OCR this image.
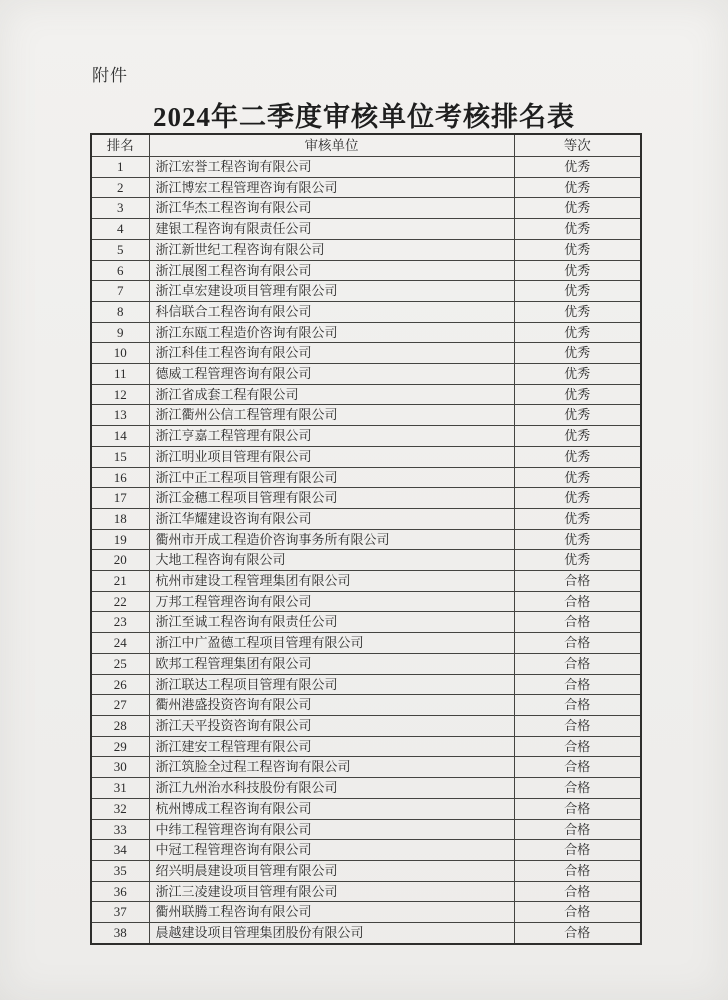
附件
2024年二季度审核单位考核排名表
排名	审核单位	等次
1	浙江宏誉工程咨询有限公司	优秀
2	浙江博宏工程管理咨询有限公司	优秀
3	浙江华杰工程咨询有限公司	优秀
4	建银工程咨询有限责任公司	优秀
5	浙江新世纪工程咨询有限公司	优秀
6	浙江展图工程咨询有限公司	优秀
7	浙江卓宏建设项目管理有限公司	优秀
8	科信联合工程咨询有限公司	优秀
9	浙江东瓯工程造价咨询有限公司	优秀
10	浙江科佳工程咨询有限公司	优秀
11	德威工程管理咨询有限公司	优秀
12	浙江省成套工程有限公司	优秀
13	浙江衢州公信工程管理有限公司	优秀
14	浙江亨嘉工程管理有限公司	优秀
15	浙江明业项目管理有限公司	优秀
16	浙江中正工程项目管理有限公司	优秀
17	浙江金穗工程项目管理有限公司	优秀
18	浙江华耀建设咨询有限公司	优秀
19	衢州市开成工程造价咨询事务所有限公司	优秀
20	大地工程咨询有限公司	优秀
21	杭州市建设工程管理集团有限公司	合格
22	万邦工程管理咨询有限公司	合格
23	浙江至诚工程咨询有限责任公司	合格
24	浙江中广盈德工程项目管理有限公司	合格
25	欧邦工程管理集团有限公司	合格
26	浙江联达工程项目管理有限公司	合格
27	衢州港盛投资咨询有限公司	合格
28	浙江天平投资咨询有限公司	合格
29	浙江建安工程管理有限公司	合格
30	浙江筑脸全过程工程咨询有限公司	合格
31	浙江九州治水科技股份有限公司	合格
32	杭州博成工程咨询有限公司	合格
33	中纬工程管理咨询有限公司	合格
34	中冠工程管理咨询有限公司	合格
35	绍兴明晨建设项目管理有限公司	合格
36	浙江三凌建设项目管理有限公司	合格
37	衢州联腾工程咨询有限公司	合格
38	晨越建设项目管理集团股份有限公司	合格
